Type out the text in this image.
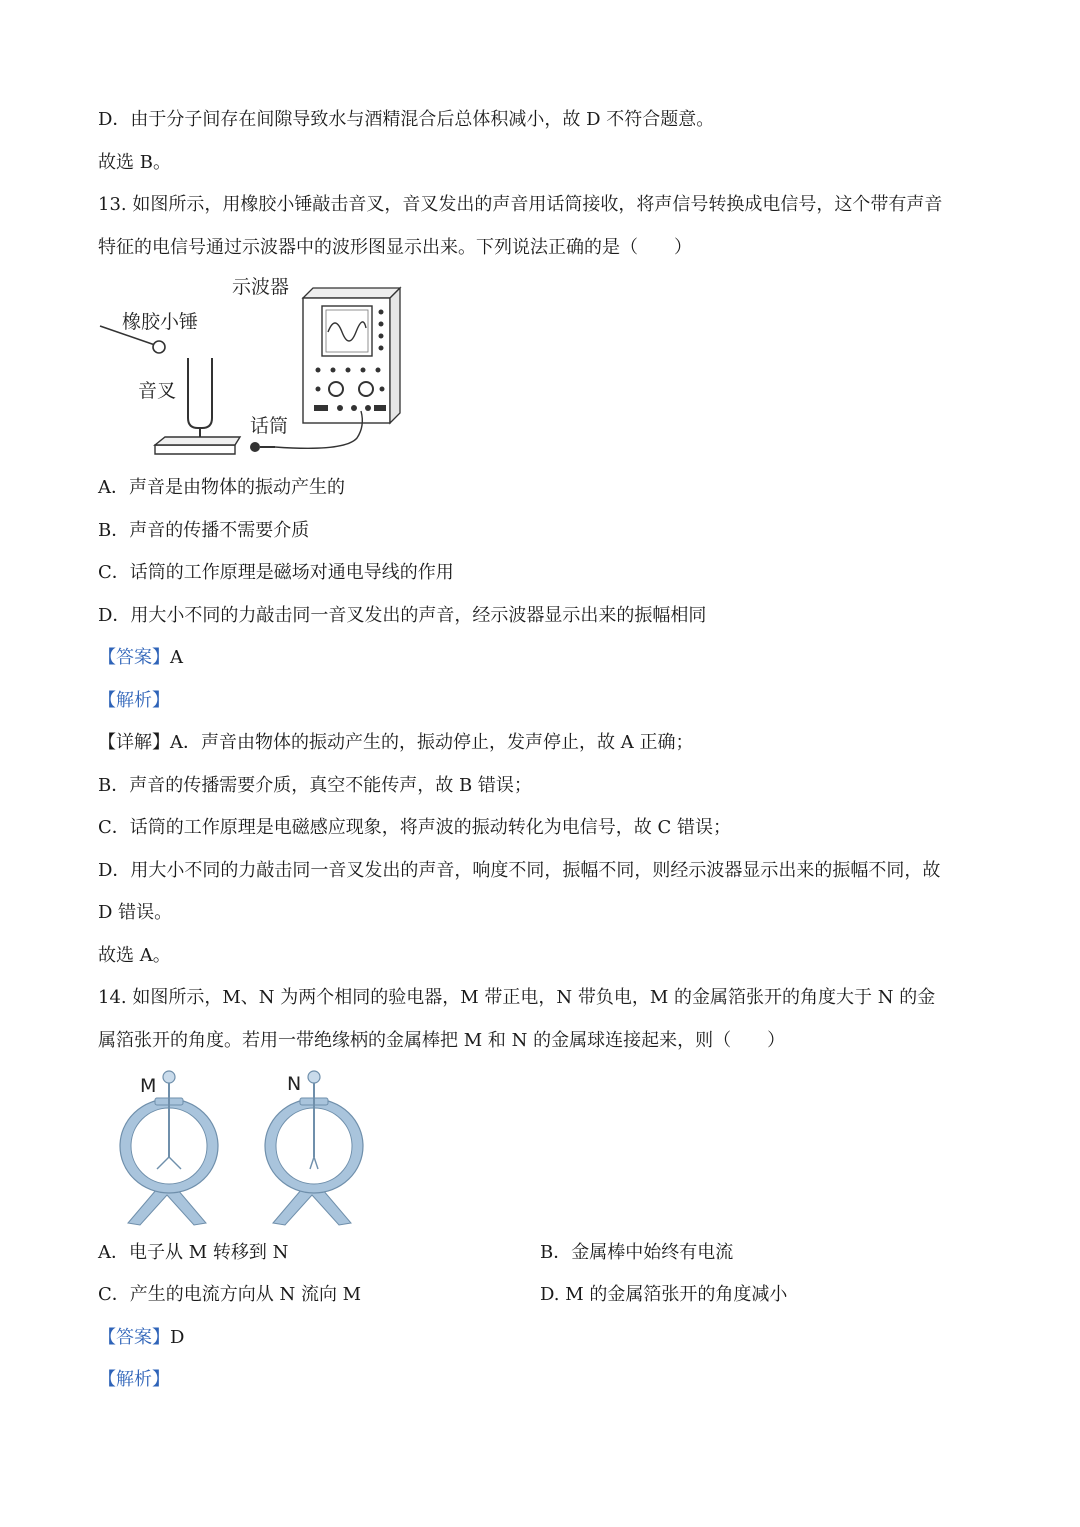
D．由于分子间存在间隙导致水与酒精混合后总体积减小，故 D 不符合题意。
故选 B。
13. 如图所示，用橡胶小锤敲击音叉，音叉发出的声音用话筒接收，将声信号转换成电信号，这个带有声音
特征的电信号通过示波器中的波形图显示出来。下列说法正确的是（　　）
橡胶小锤
音叉
示波器
话筒
A．声音是由物体的振动产生的
B．声音的传播不需要介质
C．话筒的工作原理是磁场对通电导线的作用
D．用大小不同的力敲击同一音叉发出的声音，经示波器显示出来的振幅相同
【答案】A
【解析】
【详解】A．声音由物体的振动产生的，振动停止，发声停止，故 A 正确；
B．声音的传播需要介质，真空不能传声，故 B 错误；
C．话筒的工作原理是电磁感应现象，将声波的振动转化为电信号，故 C 错误；
D．用大小不同的力敲击同一音叉发出的声音，响度不同，振幅不同，则经示波器显示出来的振幅不同，故
D 错误。
故选 A。
14. 如图所示，M、N 为两个相同的验电器，M 带正电，N 带负电，M 的金属箔张开的角度大于 N 的金
属箔张开的角度。若用一带绝缘柄的金属棒把 M 和 N 的金属球连接起来，则（　　）
M	N
A．电子从 M 转移到 N	B．金属棒中始终有电流
C．产生的电流方向从 N 流向 M	D. M 的金属箔张开的角度减小
【答案】D
【解析】
